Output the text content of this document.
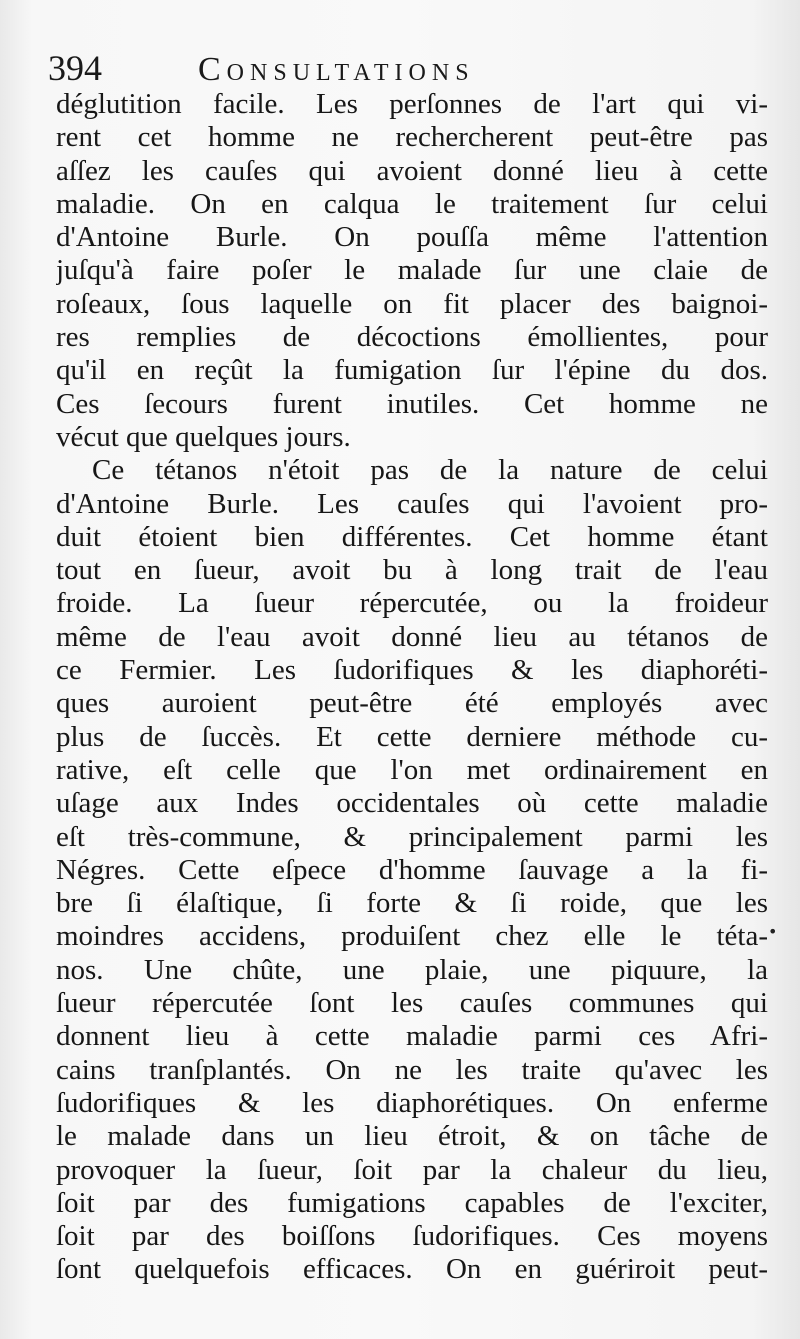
394	Consultations
déglutition facile. Les perſonnes de l'art qui vi-
rent cet homme ne rechercherent peut-être pas
aſſez les cauſes qui avoient donné lieu à cette
maladie. On en calqua le traitement ſur celui
d'Antoine Burle. On pouſſa même l'attention
juſqu'à faire poſer le malade ſur une claie de
roſeaux, ſous laquelle on fit placer des baignoi-
res remplies de décoctions émollientes, pour
qu'il en reçût la fumigation ſur l'épine du dos.
Ces ſecours furent inutiles. Cet homme ne
vécut que quelques jours.
Ce tétanos n'étoit pas de la nature de celui
d'Antoine Burle. Les cauſes qui l'avoient pro-
duit étoient bien différentes. Cet homme étant
tout en ſueur, avoit bu à long trait de l'eau
froide. La ſueur répercutée, ou la froideur
même de l'eau avoit donné lieu au tétanos de
ce Fermier. Les ſudorifiques & les diaphoréti-
ques auroient peut-être été employés avec
plus de ſuccès. Et cette derniere méthode cu-
rative, eſt celle que l'on met ordinairement en
uſage aux Indes occidentales où cette maladie
eſt très-commune, & principalement parmi les
Négres. Cette eſpece d'homme ſauvage a la fi-
bre ſi élaſtique, ſi forte & ſi roide, que les
moindres accidens, produiſent chez elle le téta-
nos. Une chûte, une plaie, une piquure, la
ſueur répercutée ſont les cauſes communes qui
donnent lieu à cette maladie parmi ces Afri-
cains tranſplantés. On ne les traite qu'avec les
ſudorifiques & les diaphorétiques. On enferme
le malade dans un lieu étroit, & on tâche de
provoquer la ſueur, ſoit par la chaleur du lieu,
ſoit par des fumigations capables de l'exciter,
ſoit par des boiſſons ſudorifiques. Ces moyens
ſont quelquefois efficaces. On en guériroit peut-
•
